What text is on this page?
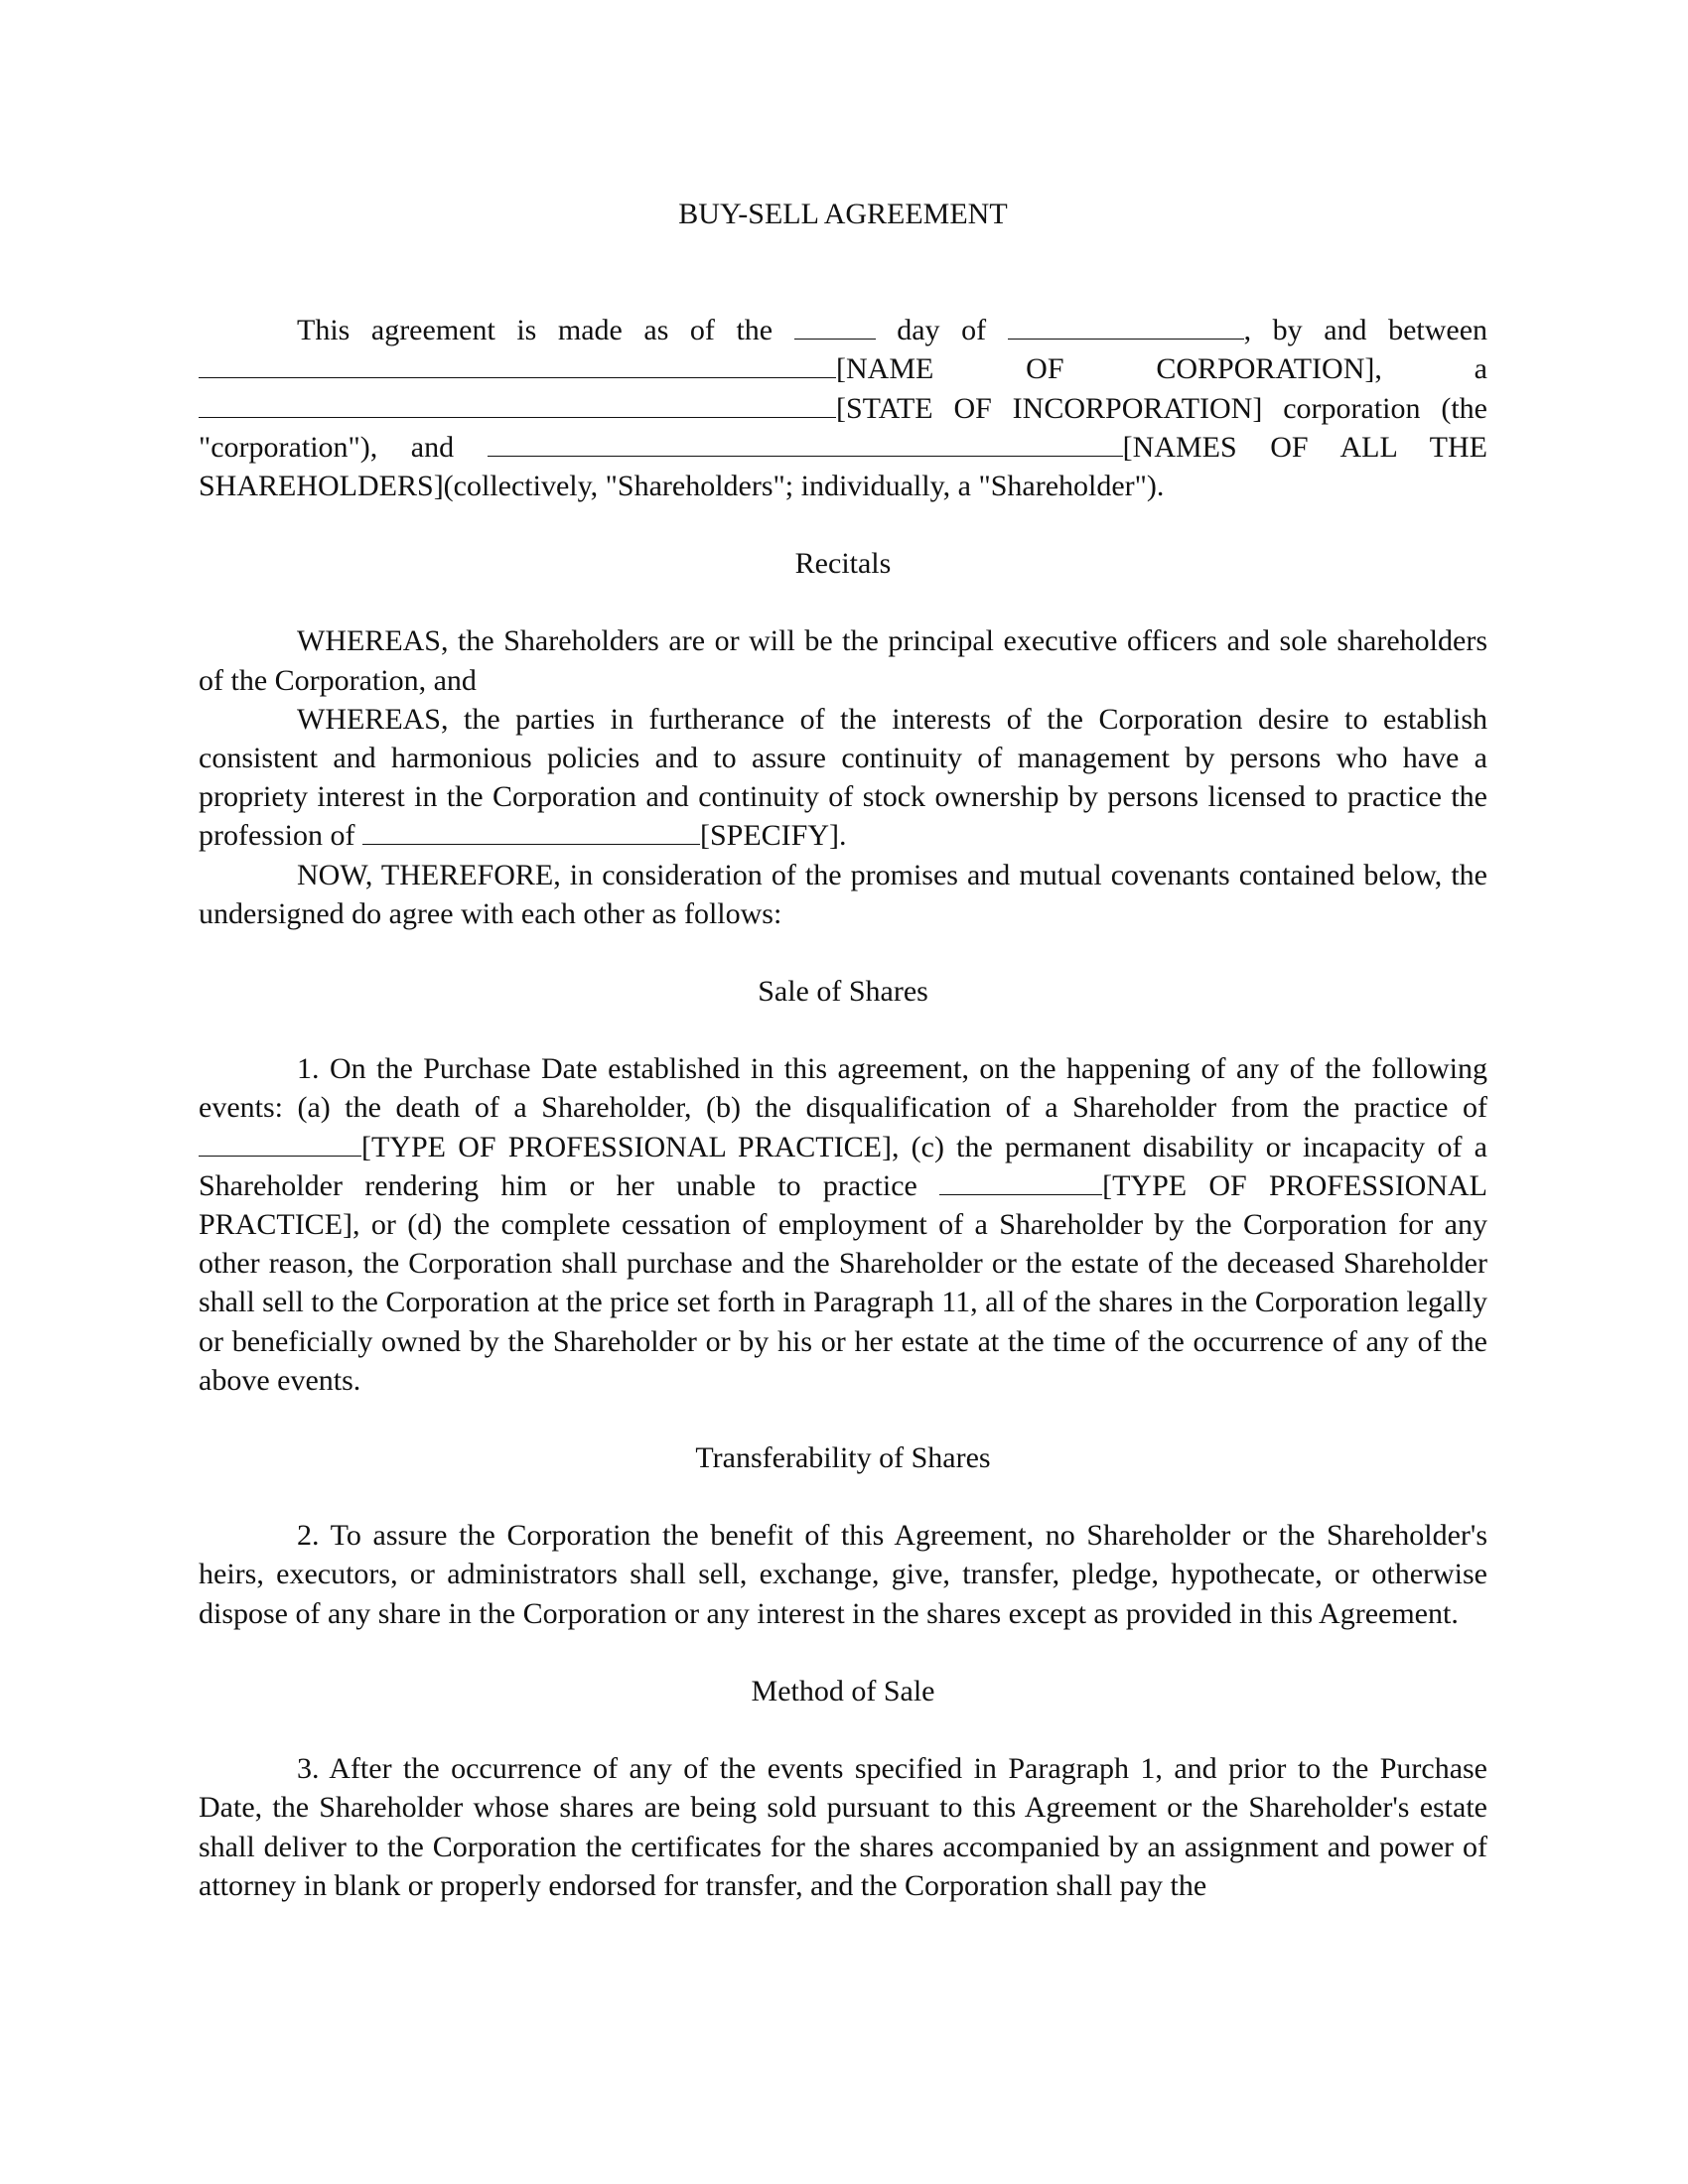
BUY-SELL AGREEMENT

This agreement is made as of the	day of	, by and between [NAME OF CORPORATION], a [STATE OF INCORPORATION] corporation (the "corporation"), and	[NAMES OF ALL THE SHAREHOLDERS](collectively, "Shareholders"; individually, a "Shareholder").

Recitals

WHEREAS, the Shareholders are or will be the principal executive officers and sole shareholders of the Corporation, and

WHEREAS, the parties in furtherance of the interests of the Corporation desire to establish consistent and harmonious policies and to assure continuity of management by persons who have a propriety interest in the Corporation and continuity of stock ownership by persons licensed to practice the profession of	[SPECIFY].

NOW, THEREFORE, in consideration of the promises and mutual covenants contained below, the undersigned do agree with each other as follows:

Sale of Shares

1. On the Purchase Date established in this agreement, on the happening of any of the following events: (a) the death of a Shareholder, (b) the disqualification of a Shareholder from the practice of [TYPE OF PROFESSIONAL PRACTICE], (c) the permanent disability or incapacity of a Shareholder rendering him or her unable to practice	[TYPE OF PROFESSIONAL PRACTICE], or (d) the complete cessation of employment of a Shareholder by the Corporation for any other reason, the Corporation shall purchase and the Shareholder or the estate of the deceased Shareholder shall sell to the Corporation at the price set forth in Paragraph 11, all of the shares in the Corporation legally or beneficially owned by the Shareholder or by his or her estate at the time of the occurrence of any of the above events.

Transferability of Shares

2. To assure the Corporation the benefit of this Agreement, no Shareholder or the Shareholder's heirs, executors, or administrators shall sell, exchange, give, transfer, pledge, hypothecate, or otherwise dispose of any share in the Corporation or any interest in the shares except as provided in this Agreement.

Method of Sale

3. After the occurrence of any of the events specified in Paragraph 1, and prior to the Purchase Date, the Shareholder whose shares are being sold pursuant to this Agreement or the Shareholder's estate shall deliver to the Corporation the certificates for the shares accompanied by an assignment and power of attorney in blank or properly endorsed for transfer, and the Corporation shall pay the
